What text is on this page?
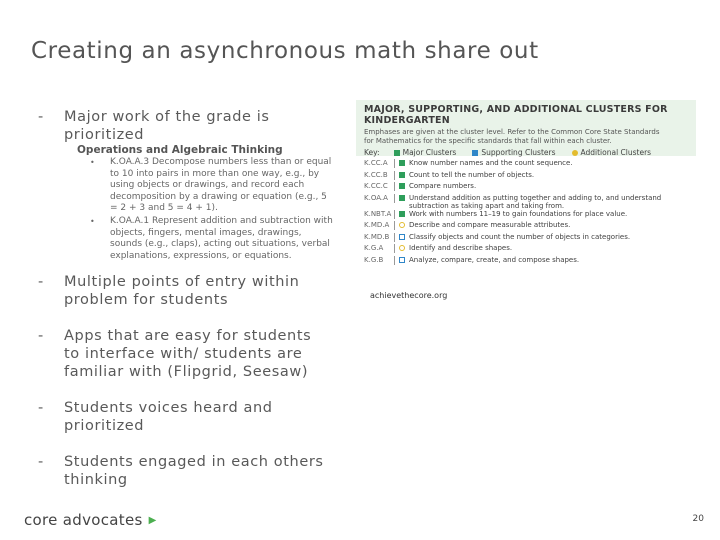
Creating an asynchronous math share out
- Major work of the grade is prioritized
Operations and Algebraic Thinking
• K.OA.A.3 Decompose numbers less than or equal to 10 into pairs in more than one way, e.g., by using objects or drawings, and record each decomposition by a drawing or equation (e.g., 5 = 2 + 3 and 5 = 4 + 1).
• K.OA.A.1 Represent addition and subtraction with objects, fingers, mental images, drawings, sounds (e.g., claps), acting out situations, verbal explanations, expressions, or equations.
- Multiple points of entry within problem for students
- Apps that are easy for students to interface with/ students are familiar with (Flipgrid, Seesaw)
- Students voices heard and prioritized
- Students engaged in each others thinking
MAJOR, SUPPORTING, AND ADDITIONAL CLUSTERS FOR KINDERGARTEN
Emphases are given at the cluster level. Refer to the Common Core State Standards for Mathematics for the specific standards that fall within each cluster.
Key:	Major Clusters	Supporting Clusters	Additional Clusters
K.CC.A	Know number names and the count sequence.
K.CC.B	Count to tell the number of objects.
K.CC.C	Compare numbers.
K.OA.A	Understand addition as putting together and adding to, and understand subtraction as taking apart and taking from.
K.NBT.A	Work with numbers 11–19 to gain foundations for place value.
K.MD.A	Describe and compare measurable attributes.
K.MD.B	Classify objects and count the number of objects in categories.
K.G.A	Identify and describe shapes.
K.G.B	Analyze, compare, create, and compose shapes.
achievethecore.org
core advocates ▶	20
